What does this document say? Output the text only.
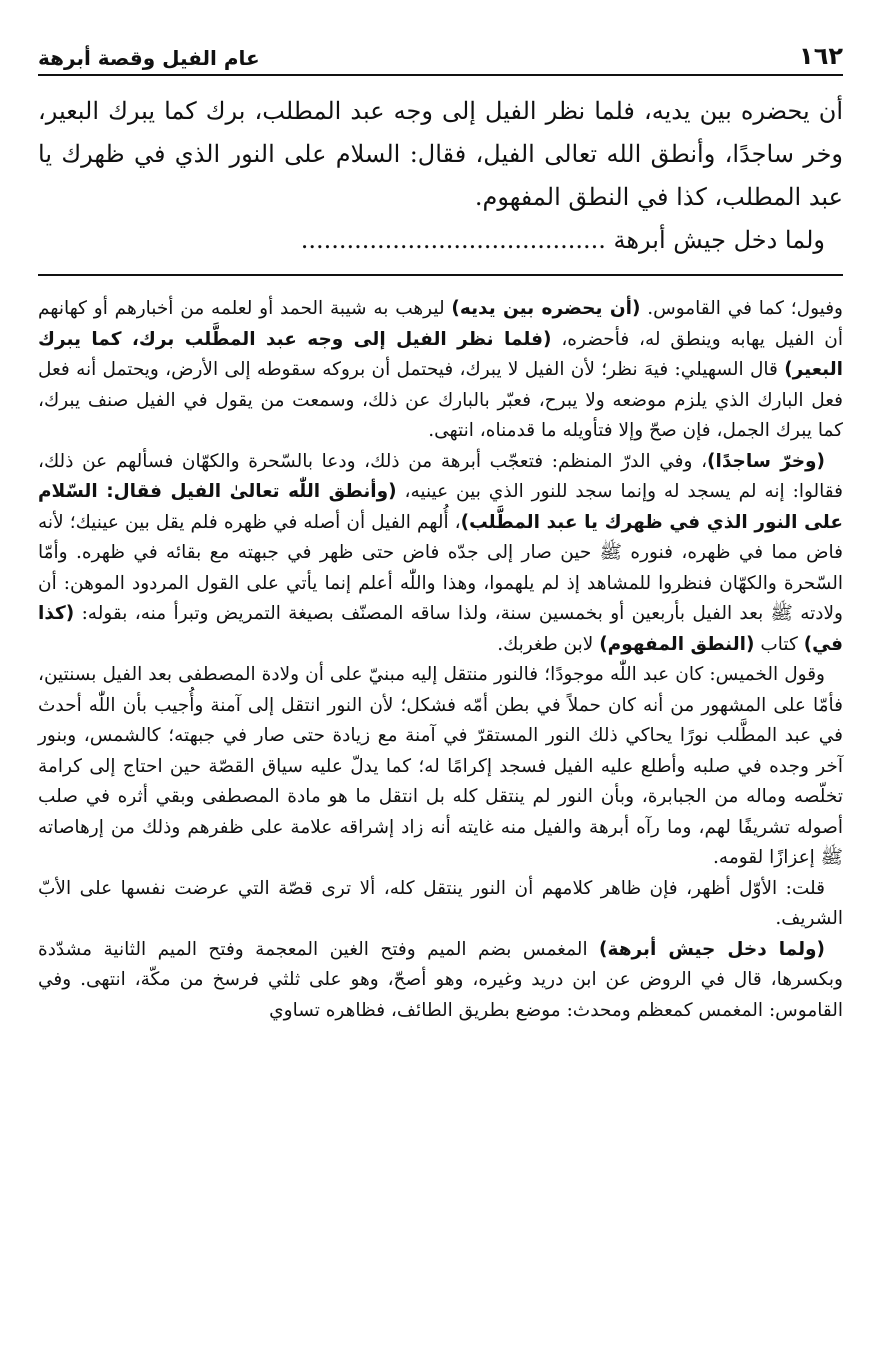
١٦٢
عام الفيل وقصة أبرهة

أن يحضره بين يديه، فلما نظر الفيل إلى وجه عبد المطلب، برك كما يبرك البعير، وخر ساجدًا، وأنطق الله تعالى الفيل، فقال: السلام على النور الذي في ظهرك يا عبد المطلب، كذا في النطق المفهوم.

ولما دخل جيش أبرهة ........................................

وفيول؛ كما في القاموس. (أن يحضره بين يديه) ليرهب به شيبة الحمد أو لعلمه من أخبارهم أو كهانهم أن الفيل يهابه وينطق له، فأحضره، (فلما نظر الفيل إلى وجه عبد المطَّلب برك، كما يبرك البعير) قال السهيلي: فيهَ نظر؛ لأن الفيل لا يبرك، فيحتمل أن بروكه سقوطه إلى الأرض، ويحتمل أنه فعل فعل البارك الذي يلزم موضعه ولا يبرح، فعبّر بالبارك عن ذلك، وسمعت من يقول في الفيل صنف يبرك، كما يبرك الجمل، فإن صحّ وإلا فتأويله ما قدمناه، انتهى.

(وخرّ ساجدًا)، وفي الدرّ المنظم: فتعجّب أبرهة من ذلك، ودعا بالسّحرة والكهّان فسألهم عن ذلك، فقالوا: إنه لم يسجد له وإنما سجد للنور الذي بين عينيه، (وأنطق اللّٰه تعالىٰ الفيل فقال: السّلام على النور الذي في ظهرك يا عبد المطَّلب)، أُلهم الفيل أن أصله في ظهره فلم يقل بين عينيك؛ لأنه فاض مما في ظهره، فنوره ﷺ حين صار إلى جدّه فاض حتى ظهر في جبهته مع بقائه في ظهره. وأمّا السّحرة والكهّان فنظروا للمشاهد إذ لم يلهموا، وهذا واللّٰه أعلم إنما يأتي على القول المردود الموهن: أن ولادته ﷺ بعد الفيل بأربعين أو بخمسين سنة، ولذا ساقه المصنّف بصيغة التمريض وتبرأ منه، بقوله: (كذا في) كتاب (النطق المفهوم) لابن طغربك.

وقول الخميس: كان عبد اللّٰه موجودًا؛ فالنور منتقل إليه مبنيّ على أن ولادة المصطفى بعد الفيل بسنتين، فأمّا على المشهور من أنه كان حملاً في بطن أمّه فشكل؛ لأن النور انتقل إلى آمنة وأُجيب بأن اللّٰه أحدث في عبد المطَّلب نورًا يحاكي ذلك النور المستقرّ في آمنة مع زيادة حتى صار في جبهته؛ كالشمس، وبنور آخر وجده في صلبه وأطلع عليه الفيل فسجد إكرامًا له؛ كما يدلّ عليه سياق القصّة حين احتاج إلى كرامة تخلّصه وماله من الجبابرة، وبأن النور لم ينتقل كله بل انتقل ما هو مادة المصطفى وبقي أثره في صلب أصوله تشريفًا لهم، وما رآه أبرهة والفيل منه غايته أنه زاد إشراقه علامة على ظفرهم وذلك من إرهاصاته ﷺ إعزازًا لقومه.

قلت: الأوّل أظهر، فإن ظاهر كلامهم أن النور ينتقل كله، ألا ترى قصّة التي عرضت نفسها على الأبّ الشريف.

(ولما دخل جيش أبرهة) المغمس بضم الميم وفتح الغين المعجمة وفتح الميم الثانية مشدّدة وبكسرها، قال في الروض عن ابن دريد وغيره، وهو أصحّ، وهو على ثلثي فرسخ من مكّة، انتهى. وفي القاموس: المغمس كمعظم ومحدث: موضع بطريق الطائف، فظاهره تساوي
